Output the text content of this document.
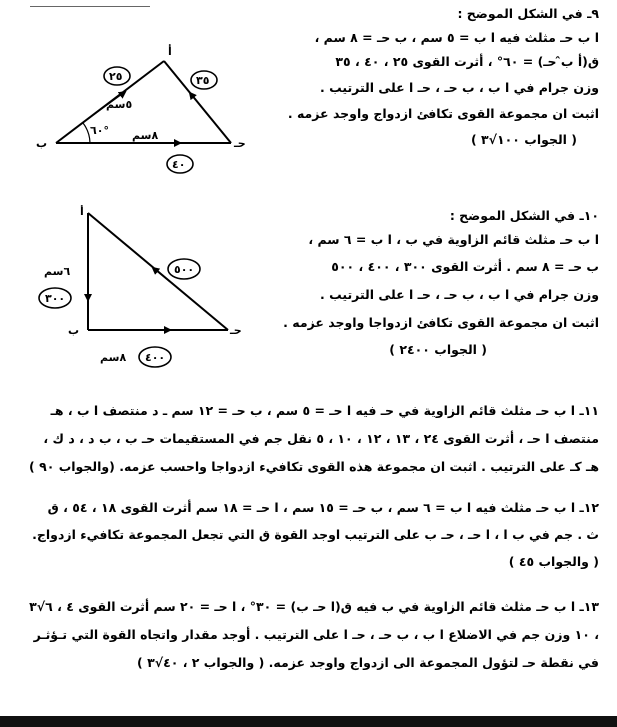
٩ـ في الشكل الموضح :
ا ب حـ مثلث فيه ا ب = ٥ سم ، ب حـ = ٨ سم ،
ق(أ ب̂ حـ) = ٦٠° ، أثرت القوى ٢٥ ، ٤٠ ، ٣٥
وزن جرام في ا ب ، ب حـ ، حـ ا على الترتيب .
اثبت ان مجموعة القوى تكافئ ازدواج واوجد عزمه .
( الجواب ١٠٠√٣ )
أ
ب	حـ
٢٥	٣٥
٤٠
٥سم
٨سم
٦٠°
١٠ـ في الشكل الموضح :
ا ب حـ مثلث قائم الزاوية في ب ، ا ب = ٦ سم ،
ب حـ = ٨ سم . أثرت القوى ٣٠٠ ، ٤٠٠ ، ٥٠٠
وزن جرام في ا ب ، ب حـ ، حـ ا على الترتيب .
اثبت ان مجموعة القوى تكافئ ازدواجا واوجد عزمه .
( الجواب ٢٤٠٠ )
أ
ب	حـ
٣٠٠
٤٠٠
٥٠٠
٦سم
٨سم
١١ـ ا ب حـ مثلث قائم الزاوية في حـ فيه ا حـ = ٥ سم ، ب حـ = ١٢ سم ـ د منتصف ا ب ، هـ
منتصف ا حـ ، أثرت القوى ٢٤ ، ١٣ ، ١٢ ، ١٠ ، ٥ نقل جم في المستقيمات حـ ب ، ب د ، د ك ،
هـ كـ على الترتيب . اثبت ان مجموعة هذه القوى تكافيء ازدواجا واحسب عزمه. (والجواب ٩٠ )
١٢ـ ا ب حـ مثلث فيه ا ب = ٦ سم ، ب حـ = ١٥ سم ، ا حـ = ١٨ سم أثرت القوى ١٨ ، ٥٤ ، ق
ث . جم في ب ا ، ا حـ ، حـ ب على الترتيب اوجد القوة ق التي تجعل المجموعة تكافيء ازدواج.
( والجواب ٤٥ )
١٣ـ ا ب حـ مثلث قائم الزاوية في ب فيه ق(ا حـ ب) = ٣٠° ، ا حـ = ٢٠ سم أثرت القوى ٤ ، ٦√٣
، ١٠ وزن جم في الاضلاع ا ب ، ب حـ ، حـ ا على الترتيب . أوجد مقدار واتجاه القوة التي تـؤثـر
في نقطة حـ لتؤول المجموعة الى ازدواج واوجد عزمه. ( والجواب ٢ ، ٤٠√٣ )
